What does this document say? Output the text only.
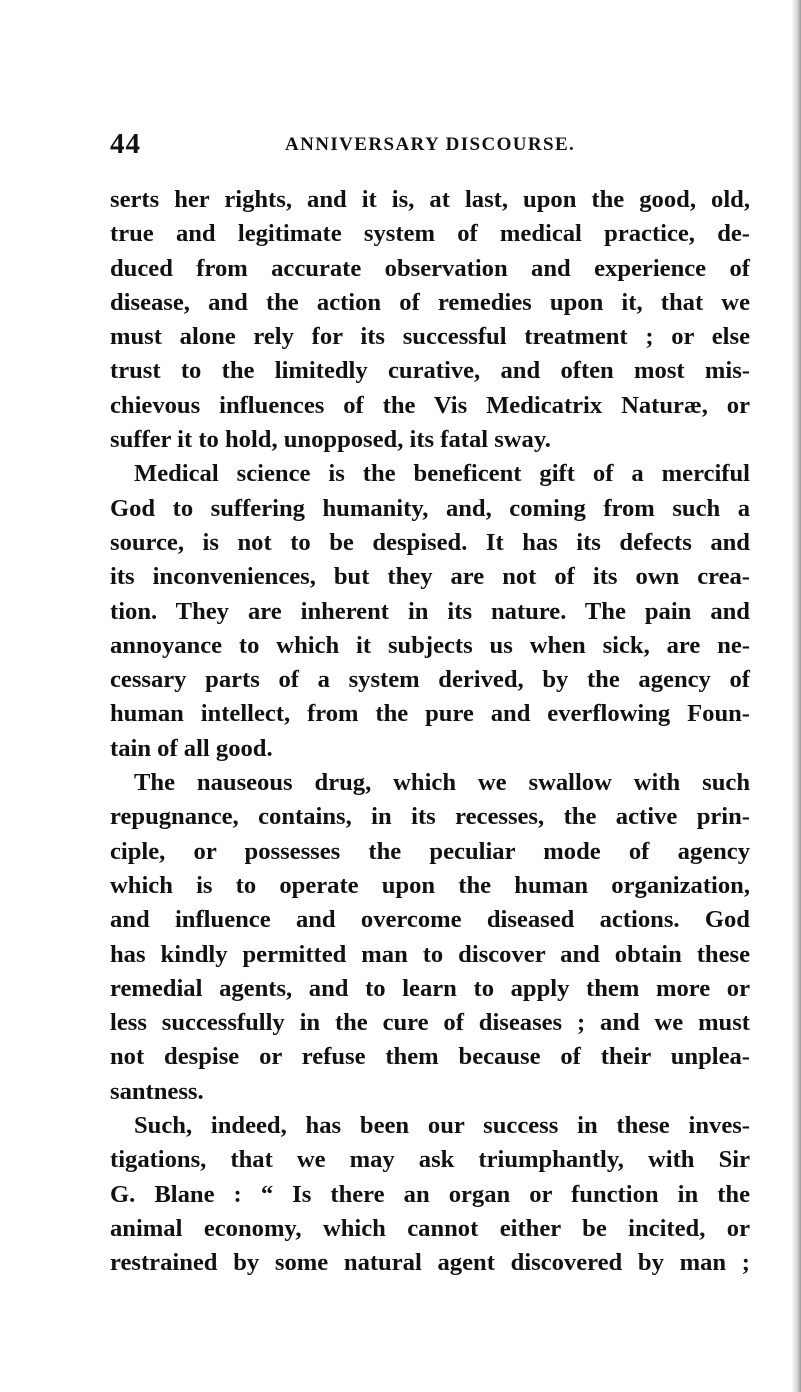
44	ANNIVERSARY DISCOURSE.
serts her rights, and it is, at last, upon the good, old,
true and legitimate system of medical practice, de-
duced from accurate observation and experience of
disease, and the action of remedies upon it, that we
must alone rely for its successful treatment ; or else
trust to the limitedly curative, and often most mis-
chievous influences of the Vis Medicatrix Naturæ, or
suffer it to hold, unopposed, its fatal sway.
Medical science is the beneficent gift of a merciful
God to suffering humanity, and, coming from such a
source, is not to be despised. It has its defects and
its inconveniences, but they are not of its own crea-
tion. They are inherent in its nature. The pain and
annoyance to which it subjects us when sick, are ne-
cessary parts of a system derived, by the agency of
human intellect, from the pure and everflowing Foun-
tain of all good.
The nauseous drug, which we swallow with such
repugnance, contains, in its recesses, the active prin-
ciple, or possesses the peculiar mode of agency
which is to operate upon the human organization,
and influence and overcome diseased actions. God
has kindly permitted man to discover and obtain these
remedial agents, and to learn to apply them more or
less successfully in the cure of diseases ; and we must
not despise or refuse them because of their unplea-
santness.
Such, indeed, has been our success in these inves-
tigations, that we may ask triumphantly, with Sir
G. Blane : “ Is there an organ or function in the
animal economy, which cannot either be incited, or
restrained by some natural agent discovered by man ;
